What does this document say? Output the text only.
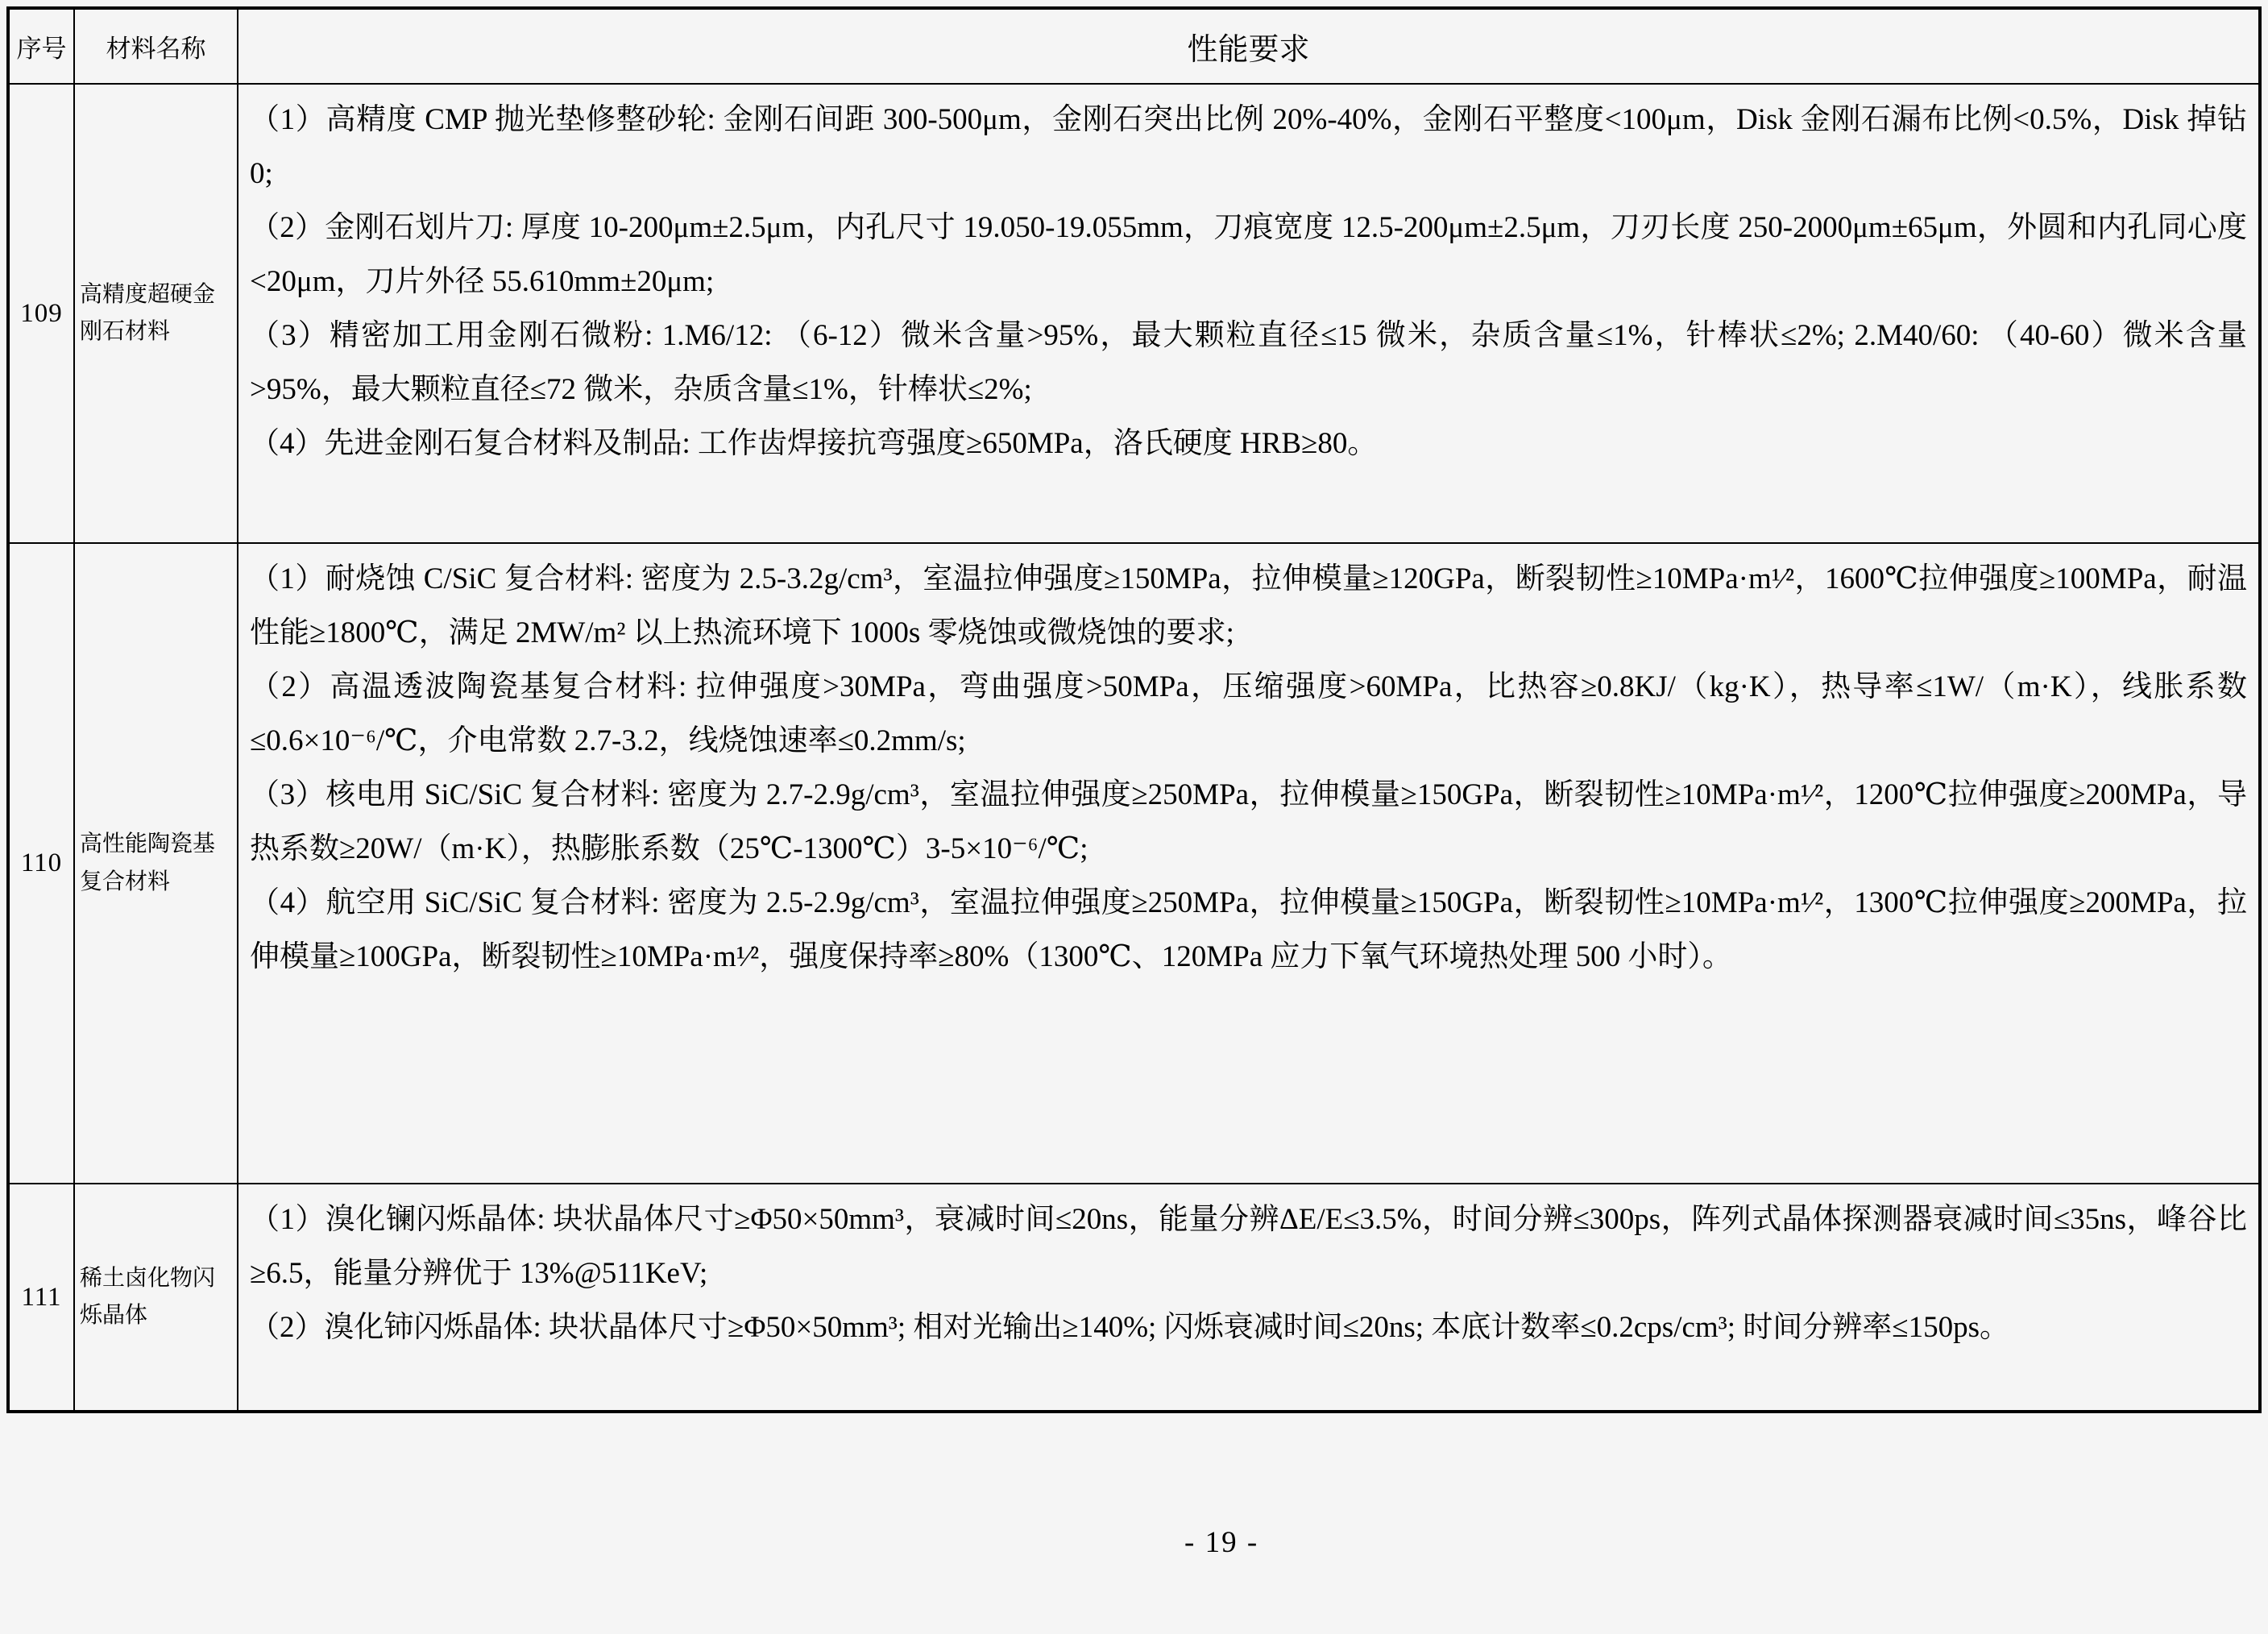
序号	材料名称	性能要求
109	高精度超硬金刚石材料	（1）高精度 CMP 抛光垫修整砂轮: 金刚石间距 300-500μm，金刚石突出比例 20%-40%，金刚石平整度<100μm，Disk 金刚石漏布比例<0.5%，Disk 掉钻 0;

（2）金刚石划片刀: 厚度 10-200μm±2.5μm，内孔尺寸 19.050-19.055mm，刀痕宽度 12.5-200μm±2.5μm，刀刃长度 250-2000μm±65μm，外圆和内孔同心度<20μm，刀片外径 55.610mm±20μm;

（3）精密加工用金刚石微粉: 1.M6/12: （6-12）微米含量>95%，最大颗粒直径≤15 微米，杂质含量≤1%，针棒状≤2%; 2.M40/60: （40-60）微米含量>95%，最大颗粒直径≤72 微米，杂质含量≤1%，针棒状≤2%;

（4）先进金刚石复合材料及制品: 工作齿焊接抗弯强度≥650MPa，洛氏硬度 HRB≥80。

110	高性能陶瓷基复合材料	（1）耐烧蚀 C/SiC 复合材料: 密度为 2.5-3.2g/cm³，室温拉伸强度≥150MPa，拉伸模量≥120GPa，断裂韧性≥10MPa·m¹⁄²，1600℃拉伸强度≥100MPa，耐温性能≥1800℃，满足 2MW/m² 以上热流环境下 1000s 零烧蚀或微烧蚀的要求;

（2）高温透波陶瓷基复合材料: 拉伸强度>30MPa，弯曲强度>50MPa，压缩强度>60MPa，比热容≥0.8KJ/（kg·K），热导率≤1W/（m·K），线胀系数≤0.6×10⁻⁶/℃，介电常数 2.7-3.2，线烧蚀速率≤0.2mm/s;

（3）核电用 SiC/SiC 复合材料: 密度为 2.7-2.9g/cm³，室温拉伸强度≥250MPa，拉伸模量≥150GPa，断裂韧性≥10MPa·m¹⁄²，1200℃拉伸强度≥200MPa，导热系数≥20W/（m·K），热膨胀系数（25℃-1300℃）3-5×10⁻⁶/℃;

（4）航空用 SiC/SiC 复合材料: 密度为 2.5-2.9g/cm³，室温拉伸强度≥250MPa，拉伸模量≥150GPa，断裂韧性≥10MPa·m¹⁄²，1300℃拉伸强度≥200MPa，拉伸模量≥100GPa，断裂韧性≥10MPa·m¹⁄²，强度保持率≥80%（1300℃、120MPa 应力下氧气环境热处理 500 小时）。

111	稀土卤化物闪烁晶体	（1）溴化镧闪烁晶体: 块状晶体尺寸≥Φ50×50mm³，衰减时间≤20ns，能量分辨ΔE/E≤3.5%，时间分辨≤300ps，阵列式晶体探测器衰减时间≤35ns，峰谷比≥6.5，能量分辨优于 13%@511KeV;

（2）溴化铈闪烁晶体: 块状晶体尺寸≥Φ50×50mm³; 相对光输出≥140%; 闪烁衰减时间≤20ns; 本底计数率≤0.2cps/cm³; 时间分辨率≤150ps。

- 19 -
